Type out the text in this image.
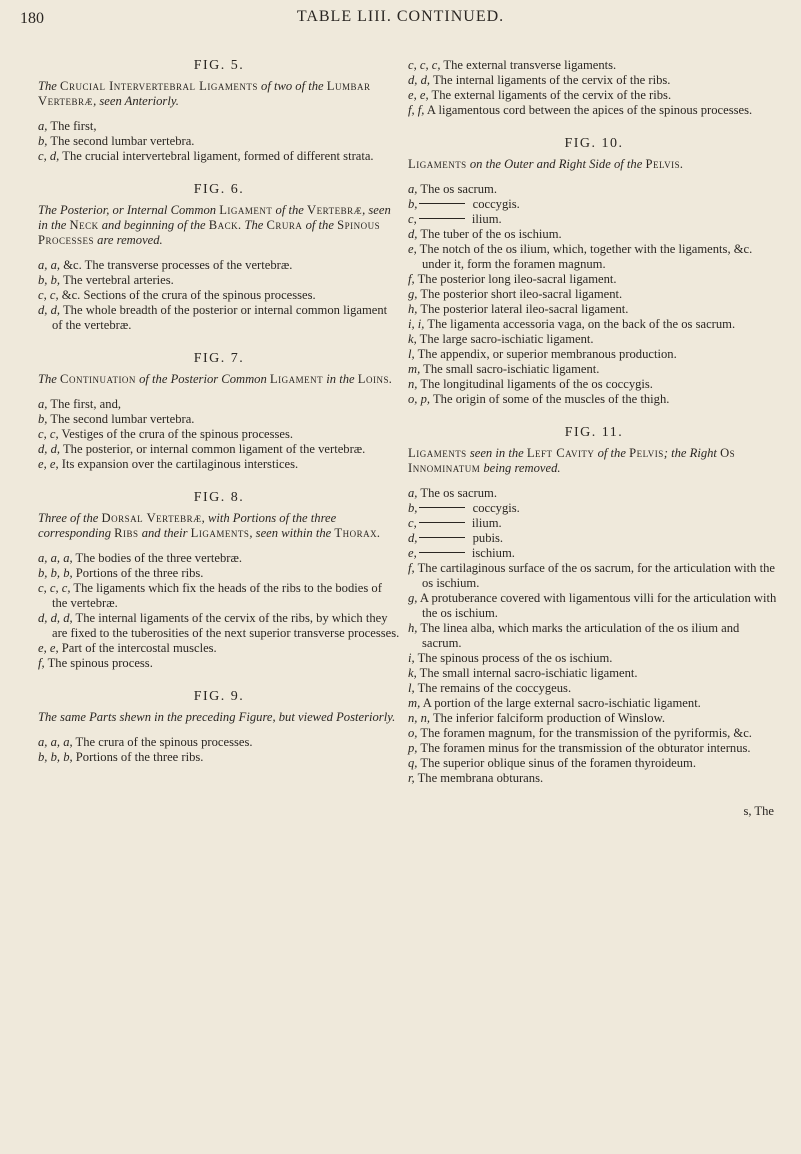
180	TABLE LIII. CONTINUED.
FIG. 5.
The Crucial Intervertebral Ligaments of two of the Lumbar Vertebræ, seen Anteriorly.
a, The first,
b, The second lumbar vertebra.
c, d, The crucial intervertebral ligament, formed of different strata.
FIG. 6.
The Posterior, or Internal Common Ligament of the Vertebræ, seen in the Neck and beginning of the Back. The Crura of the Spinous Processes are removed.
a, a, &c. The transverse processes of the vertebræ.
b, b, The vertebral arteries.
c, c, &c. Sections of the crura of the spinous processes.
d, d, The whole breadth of the posterior or internal common ligament of the vertebræ.
FIG. 7.
The Continuation of the Posterior Common Ligament in the Loins.
a, The first, and,
b, The second lumbar vertebra.
c, c, Vestiges of the crura of the spinous processes.
d, d, The posterior, or internal common ligament of the vertebræ.
e, e, Its expansion over the cartilaginous interstices.
FIG. 8.
Three of the Dorsal Vertebræ, with Portions of the three corresponding Ribs and their Ligaments, seen within the Thorax.
a, a, a, The bodies of the three vertebræ.
b, b, b, Portions of the three ribs.
c, c, c, The ligaments which fix the heads of the ribs to the bodies of the vertebræ.
d, d, d, The internal ligaments of the cervix of the ribs, by which they are fixed to the tuberosities of the next superior transverse processes.
e, e, Part of the intercostal muscles.
f, The spinous process.
FIG. 9.
The same Parts shewn in the preceding Figure, but viewed Posteriorly.
a, a, a, The crura of the spinous processes.
b, b, b, Portions of the three ribs.
c, c, c, The external transverse ligaments.
d, d, The internal ligaments of the cervix of the ribs.
e, e, The external ligaments of the cervix of the ribs.
f, f, A ligamentous cord between the apices of the spinous processes.
FIG. 10.
Ligaments on the Outer and Right Side of the Pelvis.
a, The os sacrum.
b,	coccygis.
c,	ilium.
d, The tuber of the os ischium.
e, The notch of the os ilium, which, together with the ligaments, &c. under it, form the foramen magnum.
f, The posterior long ileo-sacral ligament.
g, The posterior short ileo-sacral ligament.
h, The posterior lateral ileo-sacral ligament.
i, i, The ligamenta accessoria vaga, on the back of the os sacrum.
k, The large sacro-ischiatic ligament.
l, The appendix, or superior membranous production.
m, The small sacro-ischiatic ligament.
n, The longitudinal ligaments of the os coccygis.
o, p, The origin of some of the muscles of the thigh.
FIG. 11.
Ligaments seen in the Left Cavity of the Pelvis; the Right Os Innominatum being removed.
a, The os sacrum.
b,	coccygis.
c,	ilium.
d,	pubis.
e,	ischium.
f, The cartilaginous surface of the os sacrum, for the articulation with the os ischium.
g, A protuberance covered with ligamentous villi for the articulation with the os ischium.
h, The linea alba, which marks the articulation of the os ilium and sacrum.
i, The spinous process of the os ischium.
k, The small internal sacro-ischiatic ligament.
l, The remains of the coccygeus.
m, A portion of the large external sacro-ischiatic ligament.
n, n, The inferior falciform production of Winslow.
o, The foramen magnum, for the transmission of the pyriformis, &c.
p, The foramen minus for the transmission of the obturator internus.
q, The superior oblique sinus of the foramen thyroideum.
r, The membrana obturans.
s, The
